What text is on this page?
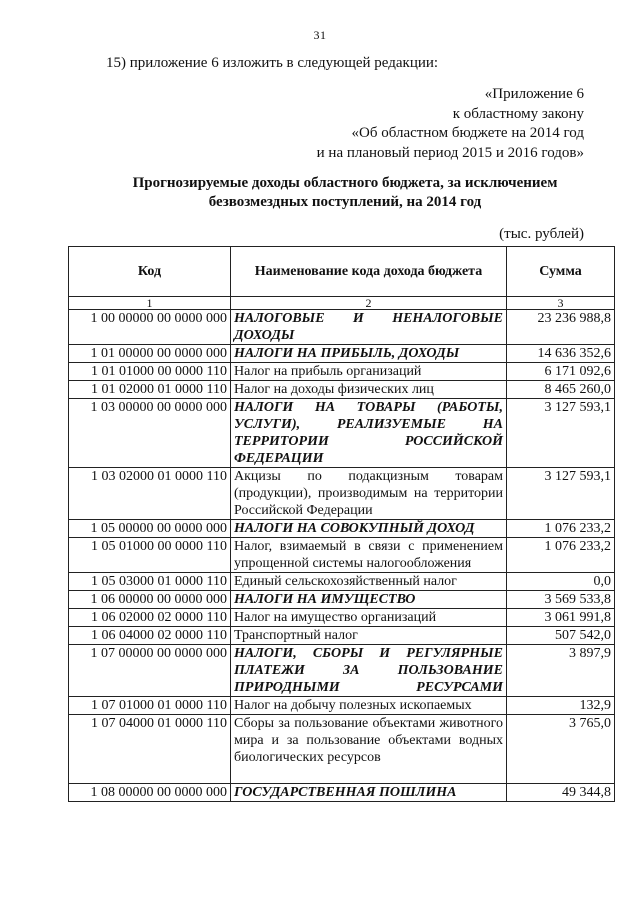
31
15) приложение 6 изложить в следующей редакции:
«Приложение 6
к областному закону
«Об областном бюджете на 2014 год
и на плановый период 2015 и 2016 годов»
Прогнозируемые доходы областного бюджета, за исключением
безвозмездных поступлений, на 2014 год
(тыс. рублей)
Код	Наименование кода дохода бюджета	Сумма
1	2	3
1 00 00000 00 0000 000	НАЛОГОВЫЕ И НЕНАЛОГОВЫЕ ДОХОДЫ	23 236 988,8
1 01 00000 00 0000 000	НАЛОГИ НА ПРИБЫЛЬ, ДОХОДЫ	14 636 352,6
1 01 01000 00 0000 110	Налог на прибыль организаций	6 171 092,6
1 01 02000 01 0000 110	Налог на доходы физических лиц	8 465 260,0
1 03 00000 00 0000 000	НАЛОГИ НА ТОВАРЫ (РАБОТЫ, УСЛУГИ), РЕАЛИЗУЕМЫЕ НА ТЕРРИТОРИИ РОССИЙСКОЙ ФЕДЕРАЦИИ	3 127 593,1
1 03 02000 01 0000 110	Акцизы по подакцизным товарам (продукции), производимым на территории Российской Федерации	3 127 593,1
1 05 00000 00 0000 000	НАЛОГИ НА СОВОКУПНЫЙ ДОХОД	1 076 233,2
1 05 01000 00 0000 110	Налог, взимаемый в связи с применением упрощенной системы налогообложения	1 076 233,2
1 05 03000 01 0000 110	Единый сельскохозяйственный налог	0,0
1 06 00000 00 0000 000	НАЛОГИ НА ИМУЩЕСТВО	3 569 533,8
1 06 02000 02 0000 110	Налог на имущество организаций	3 061 991,8
1 06 04000 02 0000 110	Транспортный налог	507 542,0
1 07 00000 00 0000 000	НАЛОГИ, СБОРЫ И РЕГУЛЯРНЫЕ ПЛАТЕЖИ ЗА ПОЛЬЗОВАНИЕ ПРИРОДНЫМИ РЕСУРСАМИ	3 897,9
1 07 01000 01 0000 110	Налог на добычу полезных ископаемых	132,9
1 07 04000 01 0000 110	Сборы за пользование объектами животного мира и за пользование объектами водных биологических ресурсов	3 765,0
1 08 00000 00 0000 000	ГОСУДАРСТВЕННАЯ ПОШЛИНА	49 344,8
